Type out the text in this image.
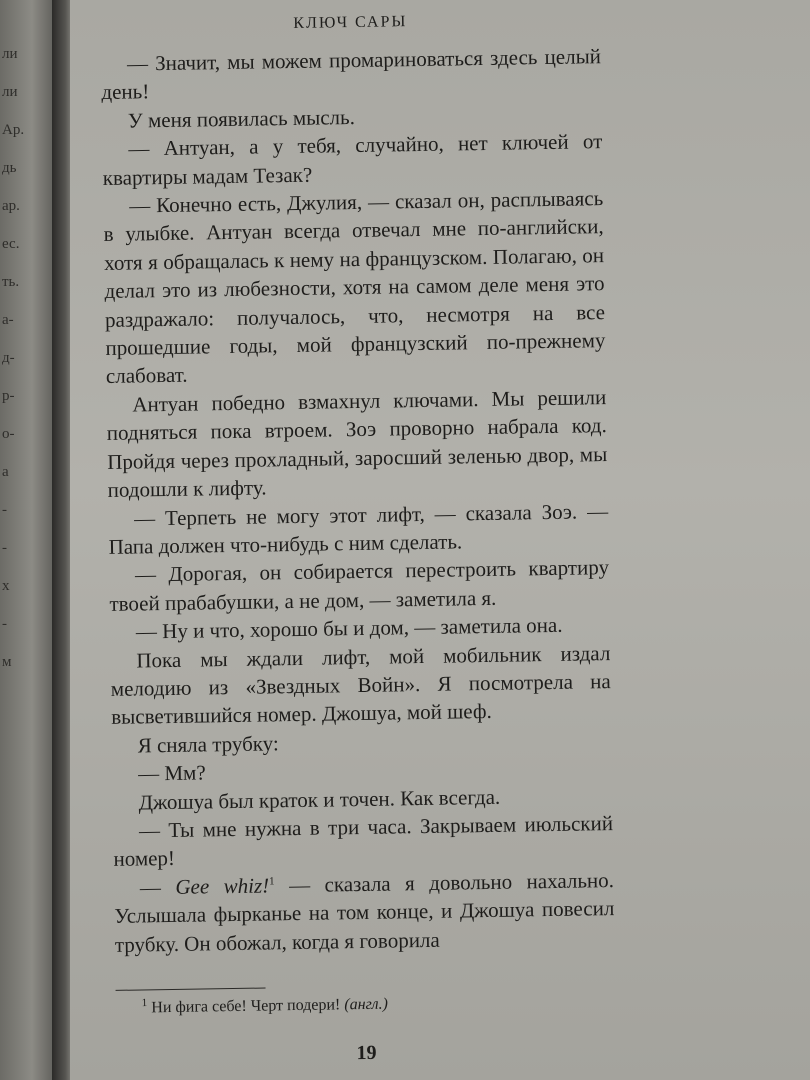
ли
ли
Ар.
дь
ар.
ес.
ть.
а-
д-
р-
о-
а
-
-
х
-
м
КЛЮЧ САРЫ

— Значит, мы можем промариноваться здесь целый день!

У меня появилась мысль.

— Антуан, а у тебя, случайно, нет ключей от квартиры мадам Тезак?

— Конечно есть, Джулия, — сказал он, расплываясь в улыбке. Антуан всегда отвечал мне по-английски, хотя я обращалась к нему на французском. Полагаю, он делал это из любезности, хотя на самом деле меня это раздражало: получалось, что, несмотря на все прошедшие годы, мой французский по-прежнему слабоват.

Антуан победно взмахнул ключами. Мы решили подняться пока втроем. Зоэ проворно набрала код. Пройдя через прохладный, заросший зеленью двор, мы подошли к лифту.

— Терпеть не могу этот лифт, — сказала Зоэ. — Папа должен что-нибудь с ним сделать.

— Дорогая, он собирается перестроить квартиру твоей прабабушки, а не дом, — заметила я.

— Ну и что, хорошо бы и дом, — заметила она.

Пока мы ждали лифт, мой мобильник издал мелодию из «Звездных Войн». Я посмотрела на высветившийся номер. Джошуа, мой шеф.

Я сняла трубку:

— Мм?

Джошуа был краток и точен. Как всегда.

— Ты мне нужна в три часа. Закрываем июльский номер!

— Gee whiz!$^1$ — сказала я довольно нахально. Услышала фырканье на том конце, и Джошуа повесил трубку. Он обожал, когда я говорила

$^1$ Ни фига себе! Черт подери! (англ.)
19
